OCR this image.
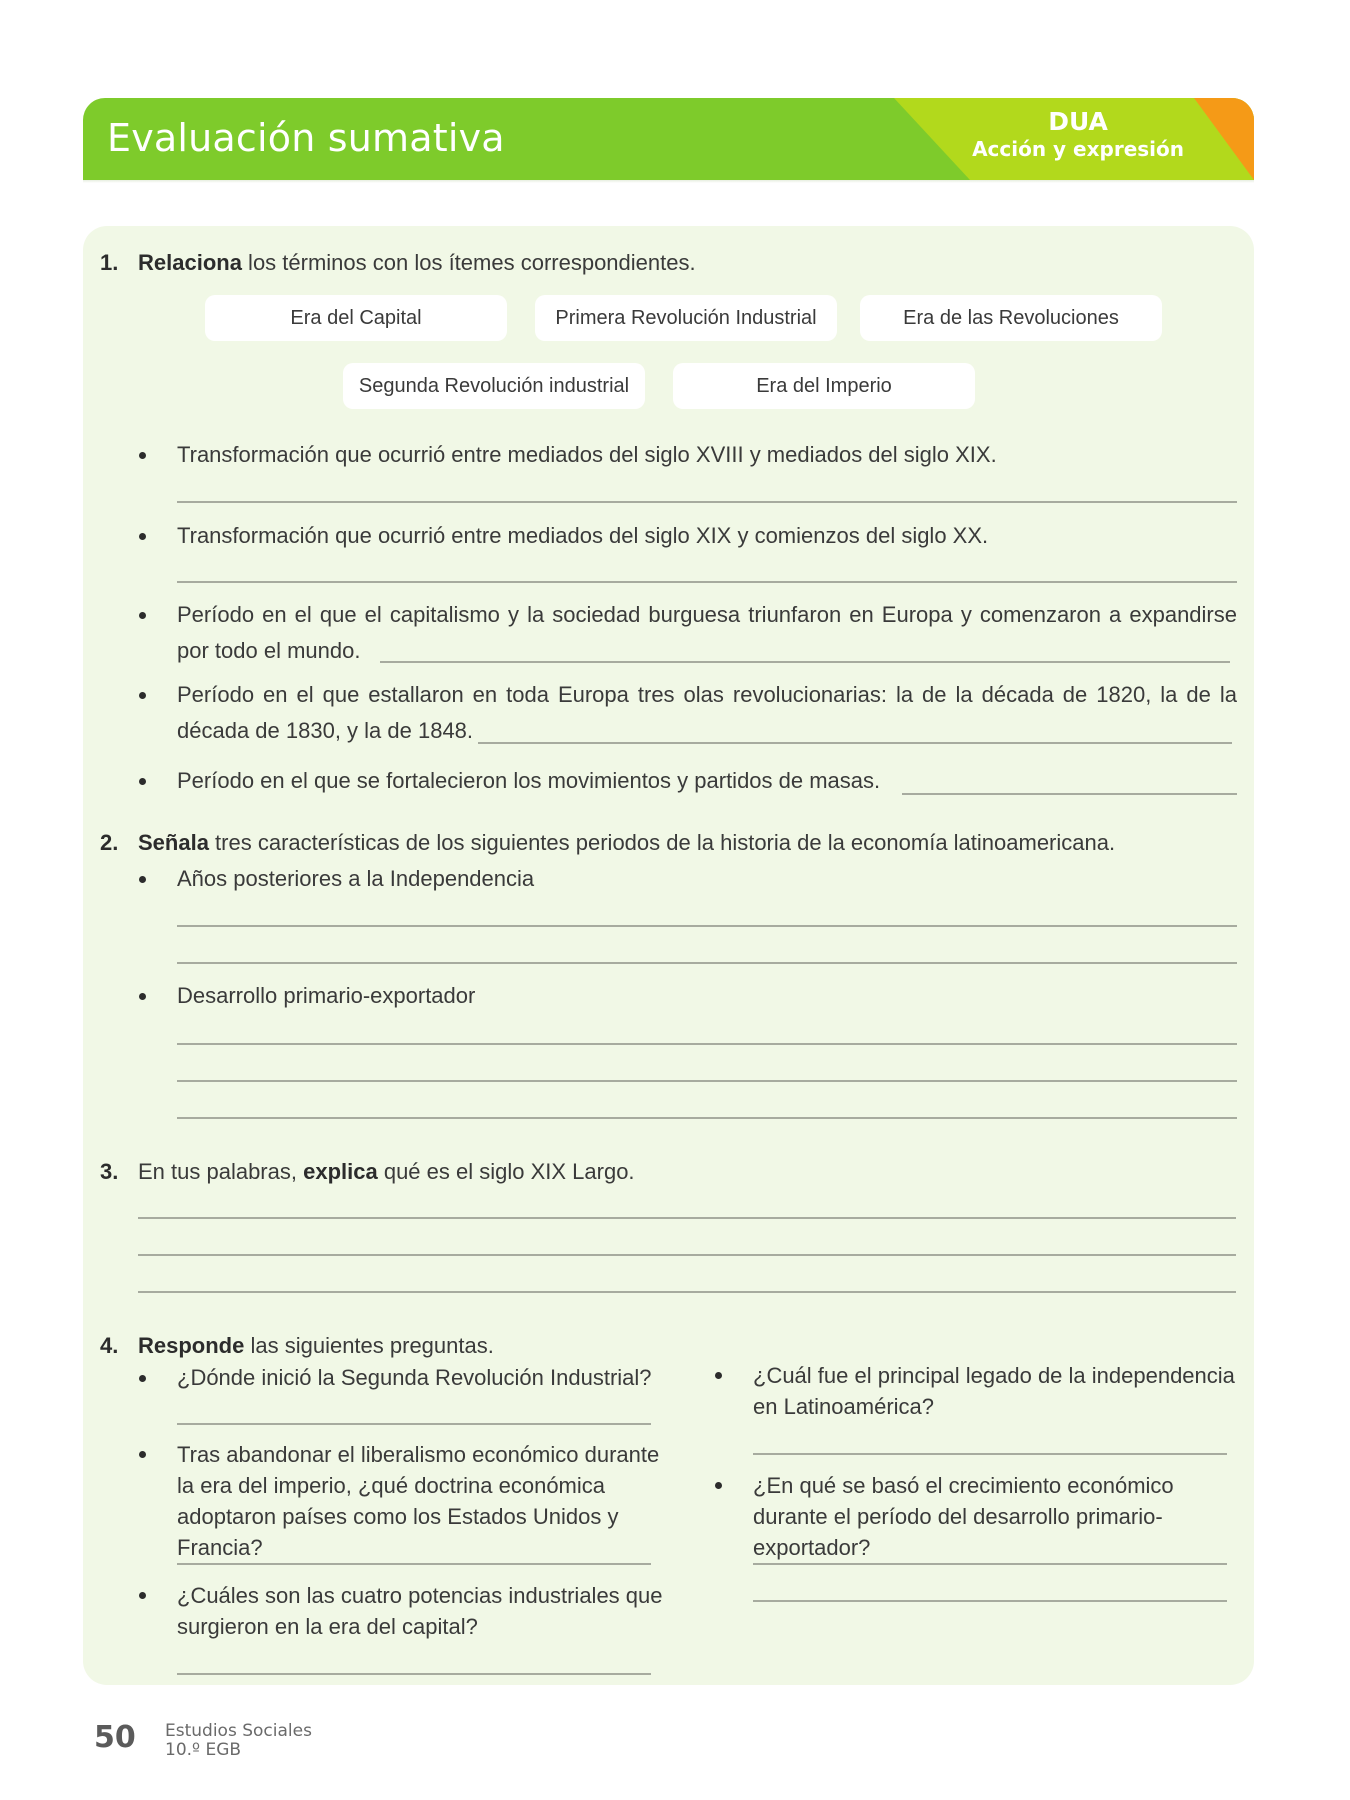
Evaluación sumativa	DUA
Acción y expresión
1. Relaciona los términos con los ítemes correspondientes.
Era del Capital	Primera Revolución Industrial	Era de las Revoluciones
Segunda Revolución industrial	Era del Imperio
Transformación que ocurrió entre mediados del siglo XVIII y mediados del siglo XIX.
Transformación que ocurrió entre mediados del siglo XIX y comienzos del siglo XX.
Período en el que el capitalismo y la sociedad burguesa triunfaron en Europa y comenzaron a expandirse por todo el mundo.
Período en el que estallaron en toda Europa tres olas revolucionarias: la de la década de 1820, la de la década de 1830, y la de 1848.
Período en el que se fortalecieron los movimientos y partidos de masas.
2. Señala tres características de los siguientes periodos de la historia de la economía latinoamericana.
Años posteriores a la Independencia
Desarrollo primario-exportador
3. En tus palabras, explica qué es el siglo XIX Largo.
4. Responde las siguientes preguntas.
¿Dónde inició la Segunda Revolución Industrial?
Tras abandonar el liberalismo económico durante la era del imperio, ¿qué doctrina económica adoptaron países como los Estados Unidos y Francia?
¿Cuáles son las cuatro potencias industriales que surgieron en la era del capital?
¿Cuál fue el principal legado de la independencia en Latinoamérica?
¿En qué se basó el crecimiento económico durante el período del desarrollo primario-exportador?
50 Estudios Sociales
10.º EGB
